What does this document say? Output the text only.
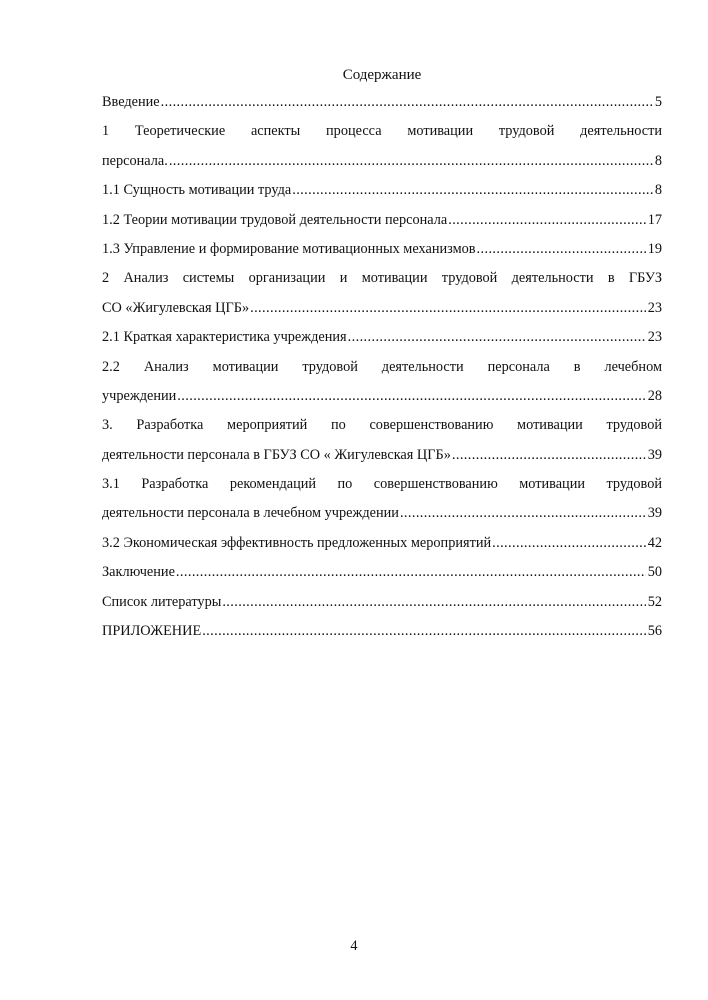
Содержание
Введение .....	5
1 Теоретические аспекты процесса мотивации трудовой деятельности
персонала. .....	8
1.1 Сущность мотивации труда .....	8
1.2 Теории мотивации трудовой деятельности персонала .....	17
1.3 Управление и формирование мотивационных механизмов .....	19
2 Анализ системы организации и мотивации трудовой деятельности в ГБУЗ
СО «Жигулевская ЦГБ» .....	23
2.1 Краткая характеристика учреждения .....	23
2.2 Анализ мотивации трудовой деятельности персонала в лечебном
учреждении .....	28
3. Разработка мероприятий по совершенствованию мотивации трудовой
деятельности персонала в ГБУЗ СО « Жигулевская ЦГБ» .....	39
3.1 Разработка рекомендаций по совершенствованию мотивации трудовой
деятельности персонала в лечебном учреждении .....	39
3.2 Экономическая эффективность предложенных мероприятий .....	42
Заключение .....	50
Список литературы .....	52
ПРИЛОЖЕНИЕ .....	56
4
